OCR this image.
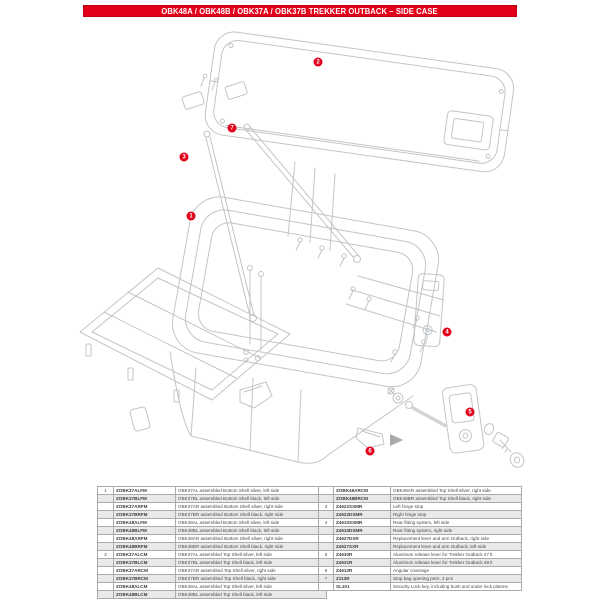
OBK48A / OBK48B / OBK37A / OBK37B TREKKER OUTBACK – SIDE CASE
1
2
3
4
5
6
7
1	ZOBK37ALFM	OBK37AL assembled Bottom Shell silver, left side
	ZOBK37BLFM	OBK37BL assembled Bottom Shell black, left side
	ZOBK37ARFM	OBK37AR assembled Bottom Shell silver, right side
	ZOBK37BRFM	OBK37BR assembled Bottom Shell black, right side
	ZOBK48ALFM	OBK48AL assembled Bottom Shell silver, left side
	ZOBK48BLFM	OBK48BL assembled Bottom Shell black, left side
	ZOBK48ARFM	OBK48AR assembled Bottom Shell silver, right side
	ZOBK48BRFM	OBK48BR assembled Bottom Shell black, right side
2	ZOBK37ALCM	OBK37AL assembled Top Shell silver, left side
	ZOBK37BLCM	OBK37BL assembled Top Shell black, left side
	ZOBK37ARCM	OBK37AR assembled Top Shell silver, right side
	ZOBK37BRCM	OBK37BR assembled Top Shell black, right side
	ZOBK48ALCM	OBK48AL assembled Top Shell silver, left side
	ZOBK48BLCM	OBK48BL assembled Top Shell black, left side
	ZOBK48ARCM	OBK48AR assembled Top Shell silver, right side
	ZOBK48BRCM	OBK48BR assembled Top Shell black, right side
3	Z4622SXMR	Left hinge stop
	Z4622DXMR	Right hinge stop
4	Z4610SXMR	Rear fitting system, left side
	Z4610DXMR	Rear fitting system, right side
	Z4627DXR	Replacement lever and arm Outback, right side
	Z4627SXR	Replacement lever and arm Outback, left side
5	Z4630R	Aluminum release lever for Trekker Outback 37 lt
	Z4631R	Aluminum release lever for Trekker Outback 48 lt
6	Z4612R	Angular coverage
7	Z113R	Stop bag opening pern, 2 pcs
	SL101	Security Lock key, including bush and under lock pistons
